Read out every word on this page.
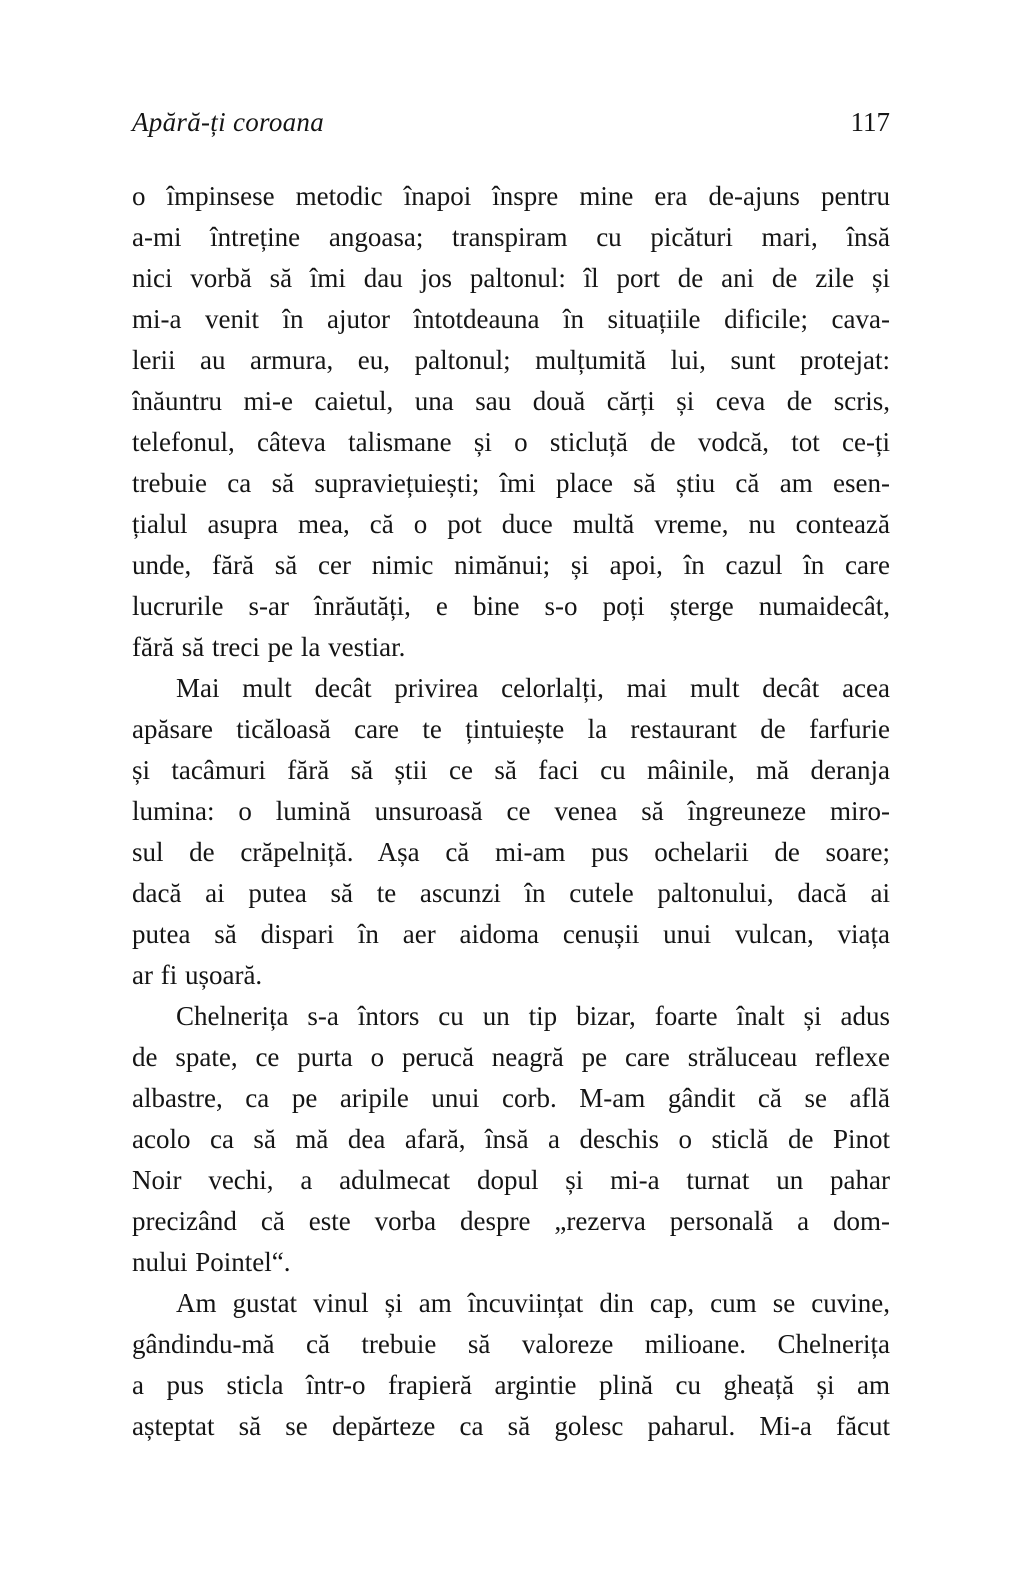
Apără-ți coroana	117
o împinsese metodic înapoi înspre mine era de-ajuns pentru
a-mi întreține angoasa; transpiram cu picături mari, însă
nici vorbă să îmi dau jos paltonul: îl port de ani de zile și
mi-a venit în ajutor întotdeauna în situațiile dificile; cava-
lerii au armura, eu, paltonul; mulțumită lui, sunt protejat:
înăuntru mi-e caietul, una sau două cărți și ceva de scris,
telefonul, câteva talismane și o sticluță de vodcă, tot ce-ți
trebuie ca să supraviețuiești; îmi place să știu că am esen-
țialul asupra mea, că o pot duce multă vreme, nu contează
unde, fără să cer nimic nimănui; și apoi, în cazul în care
lucrurile s-ar înrăutăți, e bine s-o poți șterge numaidecât,
fără să treci pe la vestiar.
Mai mult decât privirea celorlalți, mai mult decât acea
apăsare ticăloasă care te țintuiește la restaurant de farfurie
și tacâmuri fără să știi ce să faci cu mâinile, mă deranja
lumina: o lumină unsuroasă ce venea să îngreuneze miro-
sul de crăpelniță. Așa că mi-am pus ochelarii de soare;
dacă ai putea să te ascunzi în cutele paltonului, dacă ai
putea să dispari în aer aidoma cenușii unui vulcan, viața
ar fi ușoară.
Chelnerița s-a întors cu un tip bizar, foarte înalt și adus
de spate, ce purta o perucă neagră pe care străluceau reflexe
albastre, ca pe aripile unui corb. M-am gândit că se află
acolo ca să mă dea afară, însă a deschis o sticlă de Pinot
Noir vechi, a adulmecat dopul și mi-a turnat un pahar
precizând că este vorba despre „rezerva personală a dom-
nului Pointel“.
Am gustat vinul și am încuviințat din cap, cum se cuvine,
gândindu-mă că trebuie să valoreze milioane. Chelnerița
a pus sticla într-o frapieră argintie plină cu gheață și am
așteptat să se depărteze ca să golesc paharul. Mi-a făcut
